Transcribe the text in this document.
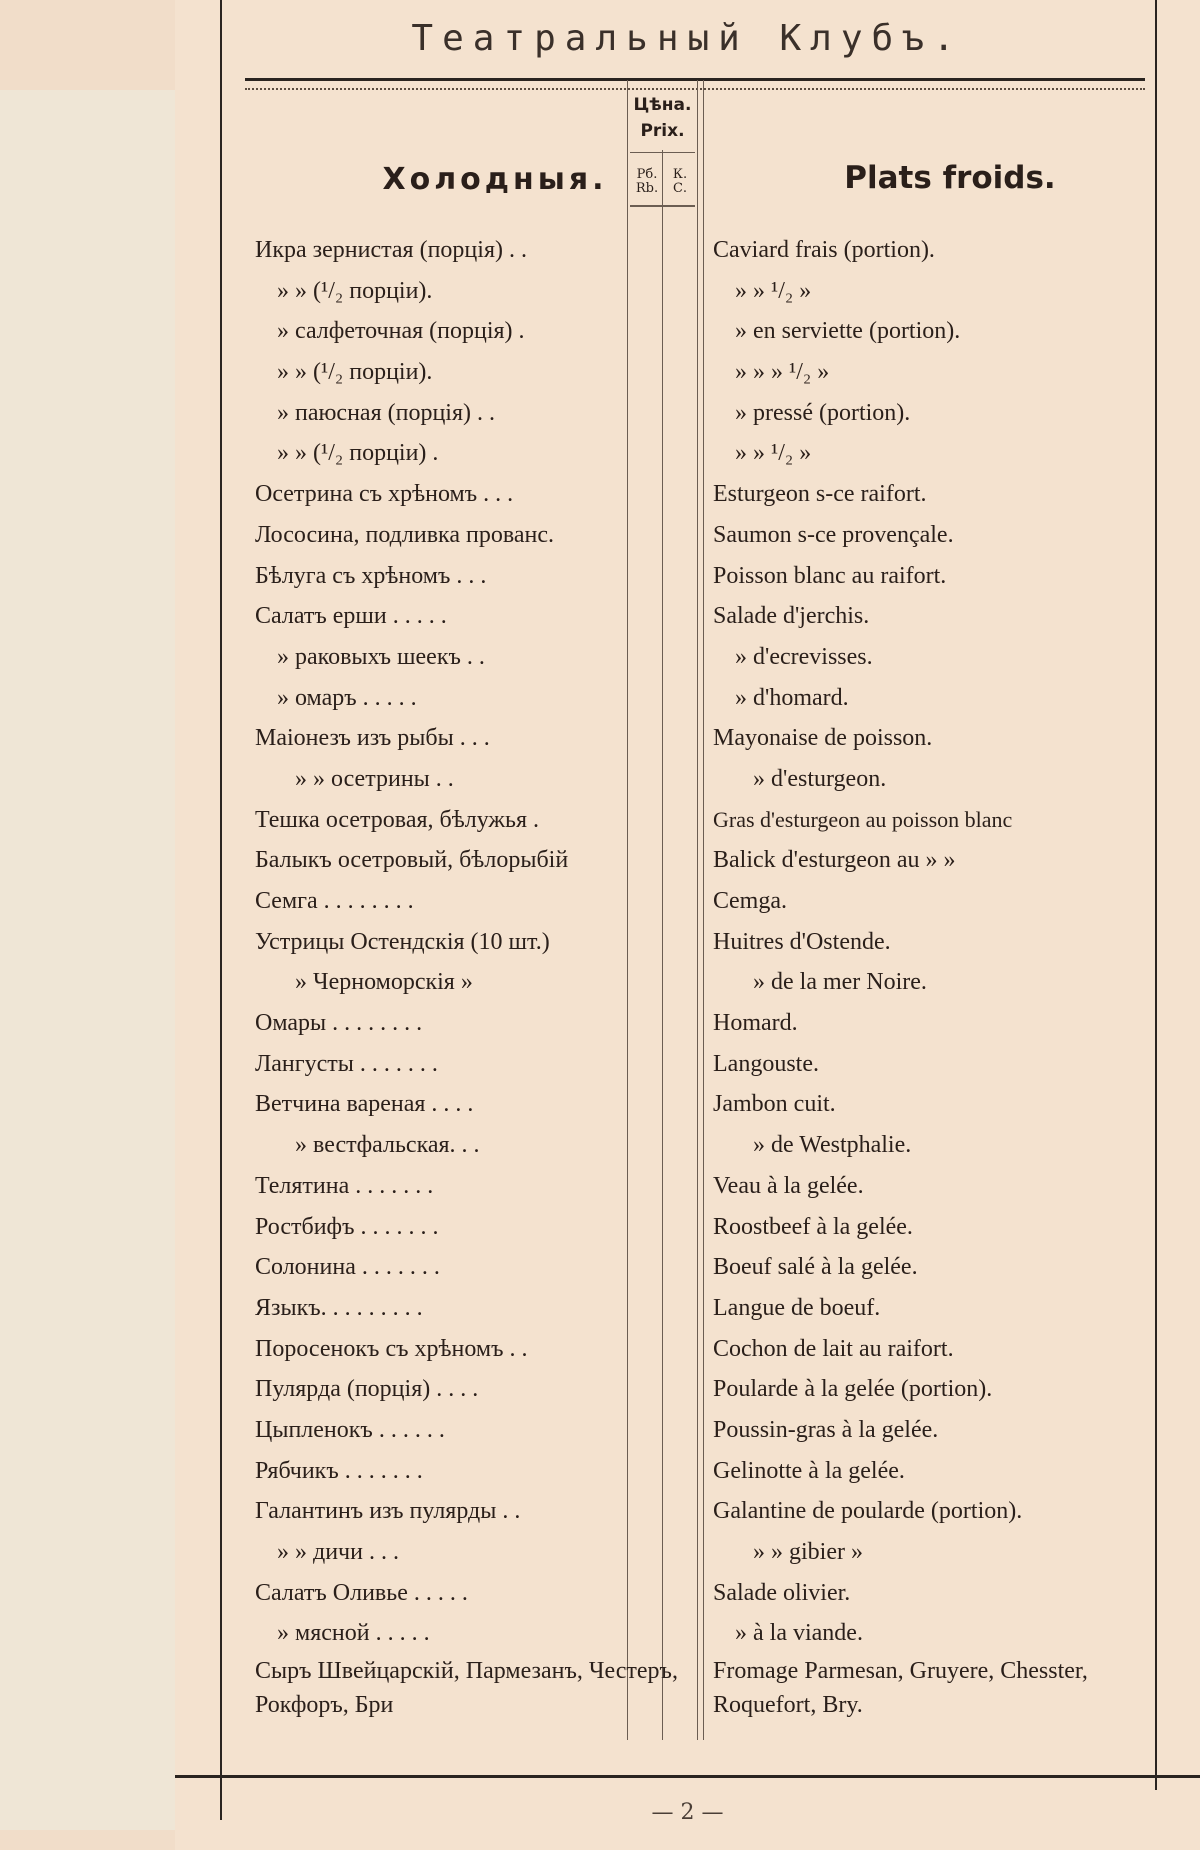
Театральный Клубъ.
Цѣна.
Prix.
Рб. Rb.
К. С.
Холодныя.	Plats froids.
Икра зернистая (порція) . .
» » (¹/₂ порціи).
» салфеточная (порція) .
» » (¹/₂ порціи).
» паюсная (порція) . .
» » (¹/₂ порціи) .
Осетрина съ хрѣномъ . . .
Лососина, подливка прованс.
Бѣлуга съ хрѣномъ . . .
Салатъ ерши . . . . .
» раковыхъ шеекъ . .
» омаръ . . . . .
Маіонезъ изъ рыбы . . .
» » осетрины . .
Тешка осетровая, бѣлужья .
Балыкъ осетровый, бѣлорыбій
Семга . . . . . . . .
Устрицы Остендскія (10 шт.)
» Черноморскія »
Омары . . . . . . . .
Лангусты . . . . . . .
Ветчина вареная . . . .
» вестфальская. . .
Телятина . . . . . . .
Ростбифъ . . . . . . .
Солонина . . . . . . .
Языкъ. . . . . . . . .
Поросенокъ съ хрѣномъ . .
Пулярда (порція) . . . .
Цыпленокъ . . . . . .
Рябчикъ . . . . . . .
Галантинъ изъ пулярды . .
» » дичи . . .
Салатъ Оливье . . . . .
» мясной . . . . .
Сыръ Швейцарскій, Пармезанъ, Честеръ, Рокфоръ, Бри
Caviard frais (portion).
» » ¹/₂ »
» en serviette (portion).
» » » ¹/₂ »
» pressé (portion).
» » ¹/₂ »
Esturgeon s-ce raifort.
Saumon s-ce provençale.
Poisson blanc au raifort.
Salade d'jerchis.
» d'ecrevisses.
» d'homard.
Mayonaise de poisson.
» d'esturgeon.
Gras d'esturgeon au poisson blanc
Balick d'esturgeon au » »
Cemga.
Huitres d'Ostende.
» de la mer Noire.
Homard.
Langouste.
Jambon cuit.
» de Westphalie.
Veau à la gelée.
Roostbeef à la gelée.
Boeuf salé à la gelée.
Langue de boeuf.
Cochon de lait au raifort.
Poularde à la gelée (portion).
Poussin-gras à la gelée.
Gelinotte à la gelée.
Galantine de poularde (portion).
» » gibier »
Salade olivier.
» à la viande.
Fromage Parmesan, Gruyere, Chesster, Roquefort, Bry.
— 2 —
